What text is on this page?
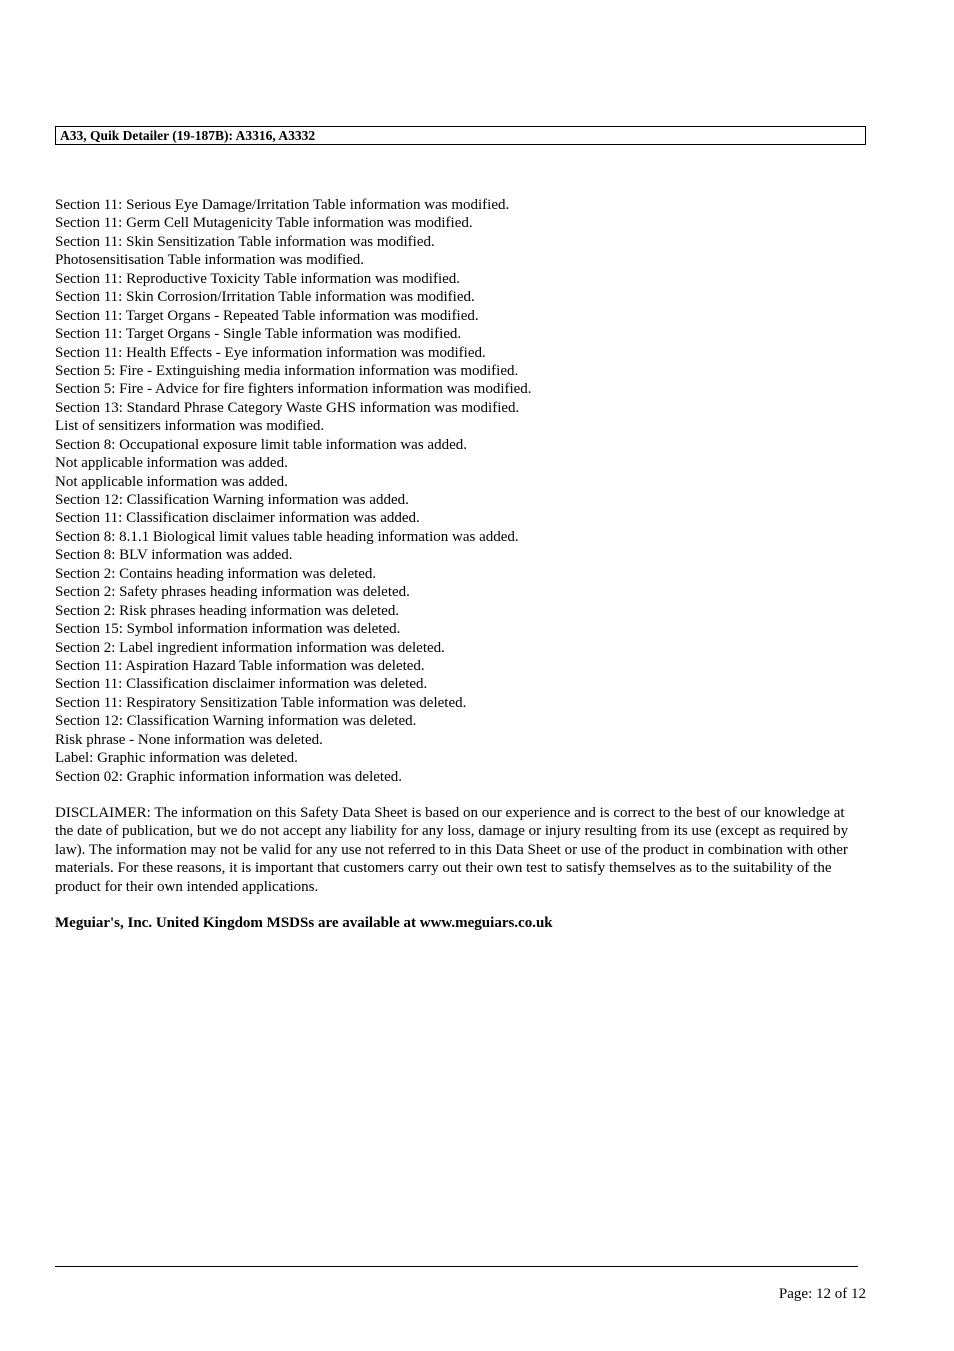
A33, Quik Detailer (19-187B): A3316, A3332
Section 11: Serious Eye Damage/Irritation Table information was modified.
Section 11: Germ Cell Mutagenicity Table information was modified.
Section 11: Skin Sensitization Table information was modified.
Photosensitisation Table information was modified.
Section 11: Reproductive Toxicity Table information was modified.
Section 11: Skin Corrosion/Irritation Table information was modified.
Section 11: Target Organs - Repeated Table information was modified.
Section 11: Target Organs - Single Table information was modified.
Section 11: Health Effects - Eye information information was modified.
Section 5: Fire - Extinguishing media information information was modified.
Section 5: Fire - Advice for fire fighters information information was modified.
Section 13: Standard Phrase Category Waste GHS information was modified.
List of sensitizers information was modified.
Section 8: Occupational exposure limit table information was added.
Not applicable information was added.
Not applicable information was added.
Section 12: Classification Warning information was added.
Section 11: Classification disclaimer information was added.
Section 8: 8.1.1 Biological limit values table heading information was added.
Section 8: BLV information was added.
Section 2: Contains heading information was deleted.
Section 2: Safety phrases heading information was deleted.
Section 2: Risk phrases heading information was deleted.
Section 15: Symbol information information was deleted.
Section 2: Label ingredient information information was deleted.
Section 11: Aspiration Hazard Table information was deleted.
Section 11: Classification disclaimer information was deleted.
Section 11: Respiratory Sensitization Table information was deleted.
Section 12: Classification Warning information was deleted.
Risk phrase - None information was deleted.
Label: Graphic information was deleted.
Section 02: Graphic information information was deleted.

DISCLAIMER: The information on this Safety Data Sheet is based on our experience and is correct to the best of our knowledge at the date of publication, but we do not accept any liability for any loss, damage or injury resulting from its use (except as required by law). The information may not be valid for any use not referred to in this Data Sheet or use of the product in combination with other materials. For these reasons, it is important that customers carry out their own test to satisfy themselves as to the suitability of the product for their own intended applications.

Meguiar's, Inc. United Kingdom MSDSs are available at www.meguiars.co.uk

Page: 12 of 12
